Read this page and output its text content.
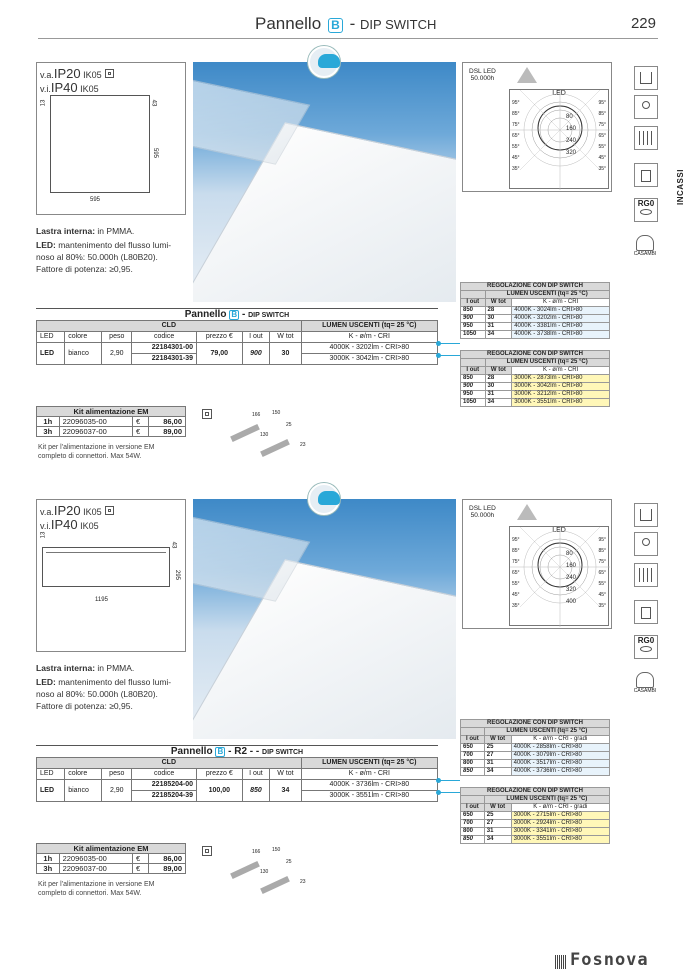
Pannello B - DIP SWITCH	229
INCASSI
v.a.IP20 IK05
v.i.IP40 IK05
13	43
595
595
DSL LED
50.000h
LED
80
160
240
320
95°
85°
75°
65°
55°
45°
35°
95°
85°
75°
65°
55°
45°
35°
RG0
CASAMBI
Lastra interna: in PMMA.
LED: mantenimento del flusso lumi-
noso al 80%: 50.000h (L80B20).
Fattore di potenza: ≥0,95.
Pannello B - DIP SWITCH
CLD							LUMEN USCENTI (tq= 25 °C)
LED	colore	peso	codice	prezzo €	I out	W tot	K - ø/m - CRI
LED	bianco	2,90	22184301-00	79,00	900	30	4000K - 3202lm - CRI>80
			22184301-39				3000K - 3042lm - CRI>80
REGOLAZIONE CON DIP SWITCH		
	LUMEN USCENTI (tq= 25 °C)	
I out	W tot	K - ø/m - CRI
850	28	4000K - 3024lm - CRI>80
900	30	4000K - 3202lm - CRI>80
950	31	4000K - 3381lm - CRI>80
1050	34	4000K - 3738lm - CRI>80
REGOLAZIONE CON DIP SWITCH		
	LUMEN USCENTI (tq= 25 °C)	
I out	W tot	K - ø/m - CRI
850	28	3000K - 2873lm - CRI>80
900	30	3000K - 3042lm - CRI>80
950	31	3000K - 3212lm - CRI>80
1050	34	3000K - 3551lm - CRI>80
Kit alimentazione EM			
1h	22096035-00	€	86,00
3h	22096037-00	€	89,00
Kit per l'alimentazione in versione EM
completo di connettori. Max 54W.
166 150
25
130
23
v.a.IP20 IK05
v.i.IP40 IK05
13
43
1195
295
DSL LED
50.000h
LED
80
160
240
320
400
95°
85°
75°
65°
55°
45°
35°
95°
85°
75°
65°
55°
45°
35°
RG0
CASAMBI
Lastra interna: in PMMA.
LED: mantenimento del flusso lumi-
noso al 80%: 50.000h (L80B20).
Fattore di potenza: ≥0,95.
Pannello B - R2 - - DIP SWITCH
CLD							LUMEN USCENTI (tq= 25 °C)
LED	colore	peso	codice	prezzo €	I out	W tot	K - ø/m - CRI
LED	bianco	2,90	22185204-00	100,00	850	34	4000K - 3736lm - CRI>80
			22185204-39				3000K - 3551lm - CRI>80
REGOLAZIONE CON DIP SWITCH		
	LUMEN USCENTI (tq= 25 °C)	
I out	W tot	K - ø/m - CRI - gradi
650	25	4000K - 2858lm - CRI>80
700	27	4000K - 3079lm - CRI>80
800	31	4000K - 3517lm - CRI>80
850	34	4000K - 3736lm - CRI>80
REGOLAZIONE CON DIP SWITCH		
	LUMEN USCENTI (tq= 25 °C)	
I out	W tot	K - ø/m - CRI - gradi
650	25	3000K - 2715lm - CRI>80
700	27	3000K - 2924lm - CRI>80
800	31	3000K - 3341lm - CRI>80
850	34	3000K - 3551lm - CRI>80
Kit alimentazione EM			
1h	22096035-00	€	86,00
3h	22096037-00	€	89,00
Kit per l'alimentazione in versione EM
completo di connettori. Max 54W.
166 150
25
130
23
Fosnova
